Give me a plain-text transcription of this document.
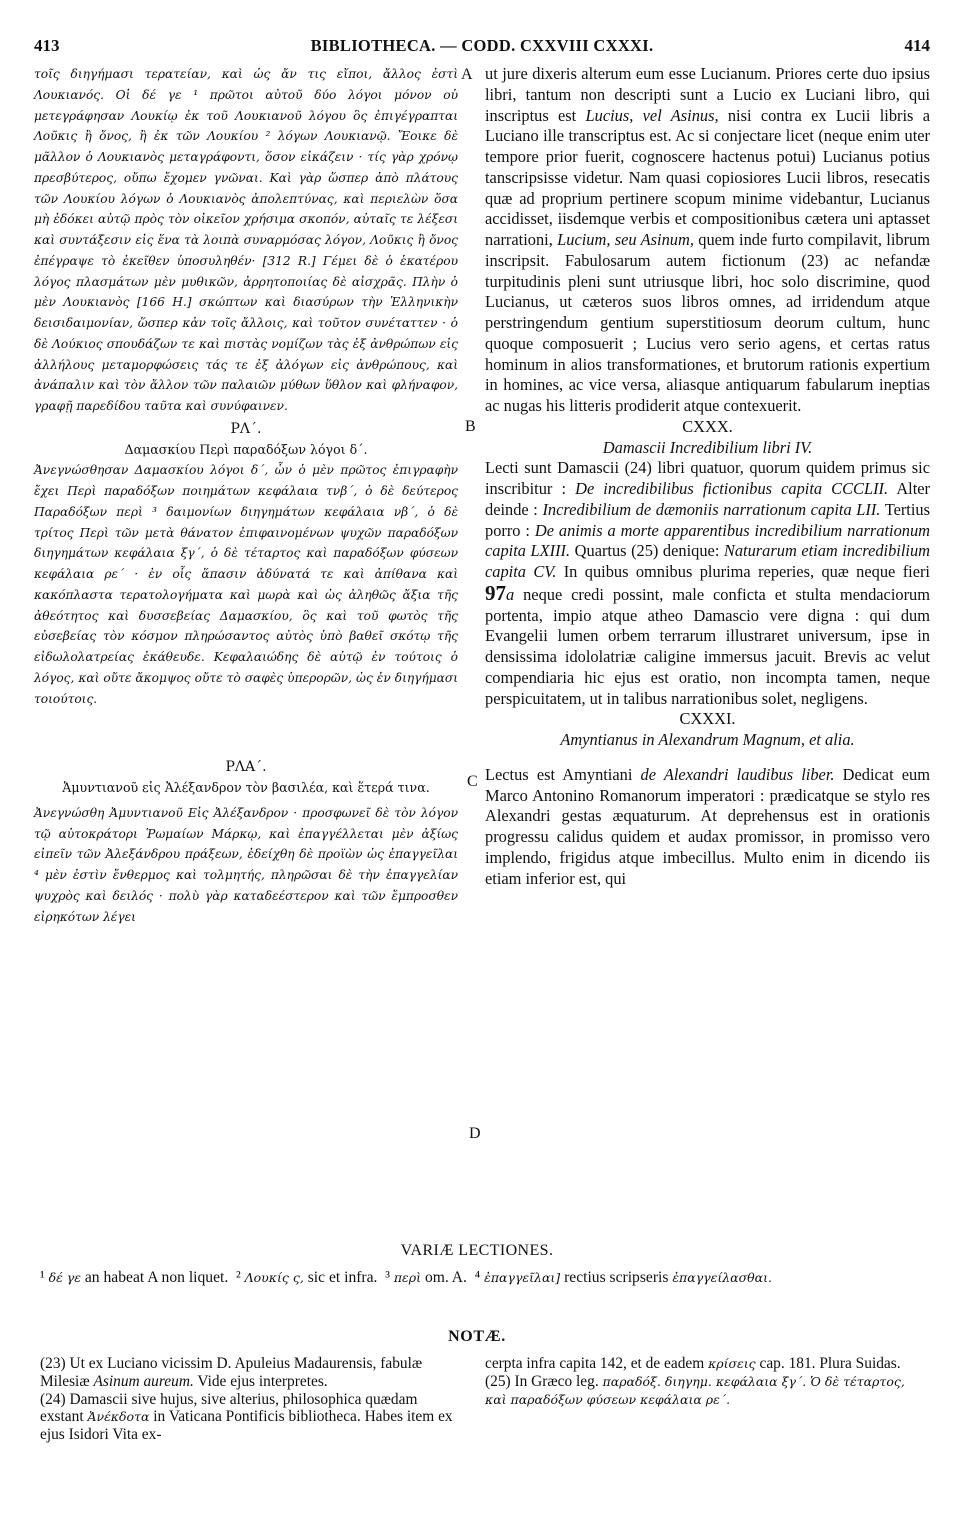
413	BIBLIOTHECA. — CODD. CXXVIII CXXXI.	414
A
B
C
D

τοῖς διηγήμασι τερατείαν, καὶ ὡς ἄν τις εἴποι, ἄλλος ἐστὶ Λουκιανός. Οἱ δέ γε ¹ πρῶτοι αὐτοῦ δύο λόγοι μόνον οὐ μετεγράφησαν Λουκίῳ ἐκ τοῦ Λουκιανοῦ λόγου ὃς ἐπιγέγραπται Λοῦκις ἢ ὄνος, ἢ ἐκ τῶν Λουκίου ² λόγων Λουκιανῷ. Ἔοικε δὲ μᾶλλον ὁ Λουκιανὸς μεταγράφοντι, ὅσον εἰκάζειν · τίς γὰρ χρόνῳ πρεσβύτερος, οὔπω ἔχομεν γνῶναι. Καὶ γὰρ ὥσπερ ἀπὸ πλάτους τῶν Λουκίου λόγων ὁ Λουκιανὸς ἀπολεπτύνας, καὶ περιελὼν ὅσα μὴ ἐδόκει αὐτῷ πρὸς τὸν οἰκεῖον χρήσιμα σκοπόν, αὐταῖς τε λέξεσι καὶ συντάξεσιν εἰς ἕνα τὰ λοιπὰ συναρμόσας λόγον, Λοῦκις ἢ ὄνος ἐπέγραψε τὸ ἐκεῖθεν ὑποσυληθέν· [312 R.] Γέμει δὲ ὁ ἑκατέρου λόγος πλασμάτων μὲν μυθικῶν, ἀρρητοποιίας δὲ αἰσχρᾶς. Πλὴν ὁ μὲν Λουκιανὸς [166 H.] σκώπτων καὶ διασύρων τὴν Ἑλληνικὴν δεισιδαιμονίαν, ὥσπερ κἀν τοῖς ἄλλοις, καὶ τοῦτον συνέταττεν · ὁ δὲ Λούκιος σπουδάζων τε καὶ πιστὰς νομίζων τὰς ἐξ ἀνθρώπων εἰς ἀλλήλους μεταμορφώσεις τάς τε ἐξ ἀλόγων εἰς ἀνθρώπους, καὶ ἀνάπαλιν καὶ τὸν ἄλλον τῶν παλαιῶν μύθων ὕθλον καὶ φλήναφον, γραφῇ παρεδίδου ταῦτα καὶ συνύφαινεν.

ΡΛ΄.

Δαμασκίου Περὶ παραδόξων λόγοι δ΄.

Ἀνεγνώσθησαν Δαμασκίου λόγοι δ΄, ὧν ὁ μὲν πρῶτος ἐπιγραφὴν ἔχει Περὶ παραδόξων ποιημάτων κεφάλαια τνβ΄, ὁ δὲ δεύτερος Παραδόξων περὶ ³ δαιμονίων διηγημάτων κεφάλαια νβ΄, ὁ δὲ τρίτος Περὶ τῶν μετὰ θάνατον ἐπιφαινομένων ψυχῶν παραδόξων διηγημάτων κεφάλαια ξγ΄, ὁ δὲ τέταρτος καὶ παραδόξων φύσεων κεφάλαια ρε΄ · ἐν οἷς ἅπασιν ἀδύνατά τε καὶ ἀπίθανα καὶ κακόπλαστα τερατολογήματα καὶ μωρὰ καὶ ὡς ἀληθῶς ἄξια τῆς ἀθεότητος καὶ δυσσεβείας Δαμασκίου, ὃς καὶ τοῦ φωτὸς τῆς εὐσεβείας τὸν κόσμον πληρώσαντος αὐτὸς ὑπὸ βαθεῖ σκότῳ τῆς εἰδωλολατρείας ἐκάθευδε. Κεφαλαιώδης δὲ αὐτῷ ἐν τούτοις ὁ λόγος, καὶ οὔτε ἄκομψος οὔτε τὸ σαφὲς ὑπερορῶν, ὡς ἐν διηγήμασι τοιούτοις.

ΡΛΑ΄.

Ἀμυντιανοῦ εἰς Ἀλέξανδρον τὸν βασιλέα, καὶ ἕτερά τινα.

Ἀνεγνώσθη Ἀμυντιανοῦ Εἰς Ἀλέξανδρον · προσφωνεῖ δὲ τὸν λόγον τῷ αὐτοκράτορι Ῥωμαίων Μάρκῳ, καὶ ἐπαγγέλλεται μὲν ἀξίως εἰπεῖν τῶν Ἀλεξάνδρου πράξεων, ἐδείχθη δὲ προϊὼν ὡς ἐπαγγεῖλαι ⁴ μὲν ἐστὶν ἔνθερμος καὶ τολμητής, πληρῶσαι δὲ τὴν ἐπαγγελίαν ψυχρὸς καὶ δειλός · πολὺ γὰρ καταδεέστερον καὶ τῶν ἔμπροσθεν εἰρηκότων λέγει

ut jure dixeris alterum eum esse Lucianum. Priores certe duo ipsius libri, tantum non descripti sunt a Lucio ex Luciani libro, qui inscriptus est Lucius, vel Asinus, nisi contra ex Lucii libris a Luciano ille transcriptus est. Ac si conjectare licet (neque enim uter tempore prior fuerit, cognoscere hactenus potui) Lucianus potius tanscripsisse videtur. Nam quasi copiosiores Lucii libros, resecatis quæ ad proprium pertinere scopum minime videbantur, Lucianus accidisset, iisdemque verbis et compositionibus cætera uni aptasset narrationi, Lucium, seu Asinum, quem inde furto compilavit, librum inscripsit. Fabulosarum autem fictionum (23) ac nefandæ turpitudinis pleni sunt utriusque libri, hoc solo discrimine, quod Lucianus, ut cæteros suos libros omnes, ad irridendum atque perstringendum gentium superstitiosum deorum cultum, hunc quoque composuerit ; Lucius vero serio agens, et certas ratus hominum in alios transformationes, et brutorum rationis expertium in homines, ac vice versa, aliasque antiquarum fabularum ineptias ac nugas his litteris prodiderit atque contexuerit.

CXXX.

Damascii Incredibilium libri IV.

Lecti sunt Damascii (24) libri quatuor, quorum quidem primus sic inscribitur : De incredibilibus fictionibus capita CCCLII. Alter deinde : Incredibilium de dæmoniis narrationum capita LII. Tertius porro : De animis a morte apparentibus incredibilium narrationum capita LXIII. Quartus (25) denique: Naturarum etiam incredibilium capita CV. In quibus omnibus plurima reperies, quæ neque fieri 97a neque credi possint, male conficta et stulta mendaciorum portenta, impio atque atheo Damascio vere digna : qui dum Evangelii lumen orbem terrarum illustraret universum, ipse in densissima idololatriæ caligine immersus jacuit. Brevis ac velut compendiaria hic ejus est oratio, non incompta tamen, neque perspicuitatem, ut in talibus narrationibus solet, negligens.

CXXXI.

Amyntianus in Alexandrum Magnum, et alia.

Lectus est Amyntiani de Alexandri laudibus liber. Dedicat eum Marco Antonino Romanorum imperatori : prædicatque se stylo res Alexandri gestas æquaturum. At deprehensus est in orationis progressu calidus quidem et audax promissor, in promisso vero implendo, frigidus atque imbecillus. Multo enim in dicendo iis etiam inferior est, qui

VARIÆ LECTIONES.
¹ δέ γε an habeat A non liquet. ² Λουκίς ς, sic et infra. ³ περὶ om. A. ⁴ ἐπαγγεῖλαι] rectius scripseris ἐπαγγείλασθαι.
NOTÆ.

(23) Ut ex Luciano vicissim D. Apuleius Madaurensis, fabulæ Milesiæ Asinum aureum. Vide ejus interpretes.

(24) Damascii sive hujus, sive alterius, philosophica quædam exstant Ἀνέκδοτα in Vaticana Pontificis bibliotheca. Habes item ex ejus Isidori Vita ex-

cerpta infra capita 142, et de eadem κρίσεις cap. 181. Plura Suidas.

(25) In Græco leg. παραδόξ. διηγημ. κεφάλαια ξγ΄. Ὁ δὲ τέταρτος, καὶ παραδόξων φύσεων κεφάλαια ρε΄.
